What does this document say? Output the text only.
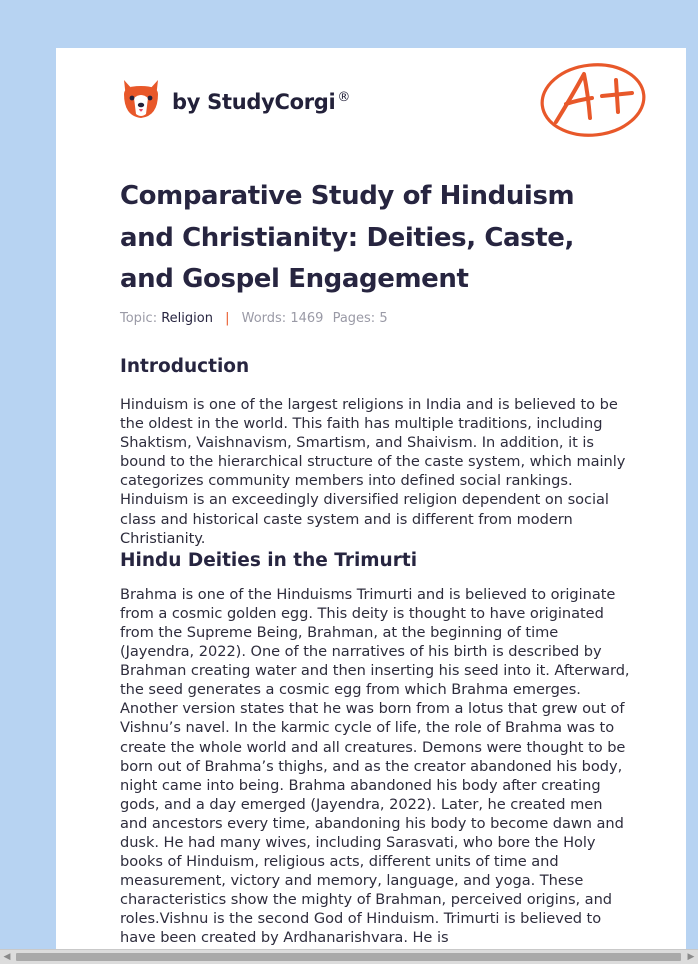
by StudyCorgi ®
Comparative Study of Hinduism and Christianity: Deities, Caste, and Gospel Engagement
Topic: Religion | Words: 1469 Pages: 5
Introduction

Hinduism is one of the largest religions in India and is believed to be the oldest in the world. This faith has multiple traditions, including Shaktism, Vaishnavism, Smartism, and Shaivism. In addition, it is bound to the hierarchical structure of the caste system, which mainly categorizes community members into defined social rankings. Hinduism is an exceedingly diversified religion dependent on social class and historical caste system and is different from modern Christianity.

Hindu Deities in the Trimurti

Brahma is one of the Hinduisms Trimurti and is believed to originate from a cosmic golden egg. This deity is thought to have originated from the Supreme Being, Brahman, at the beginning of time (Jayendra, 2022). One of the narratives of his birth is described by Brahman creating water and then inserting his seed into it. Afterward, the seed generates a cosmic egg from which Brahma emerges. Another version states that he was born from a lotus that grew out of Vishnu’s navel. In the karmic cycle of life, the role of Brahma was to create the whole world and all creatures. Demons were thought to be born out of Brahma’s thighs, and as the creator abandoned his body, night came into being. Brahma abandoned his body after creating gods, and a day emerged (Jayendra, 2022). Later, he created men and ancestors every time, abandoning his body to become dawn and dusk. He had many wives, including Sarasvati, who bore the Holy books of Hinduism, religious acts, different units of time and measurement, victory and memory, language, and yoga. These characteristics show the mighty of Brahman, perceived origins, and roles.Vishnu is the second God of Hinduism. Trimurti is believed to have been created by Ardhanarishvara. He is

◀	▶
